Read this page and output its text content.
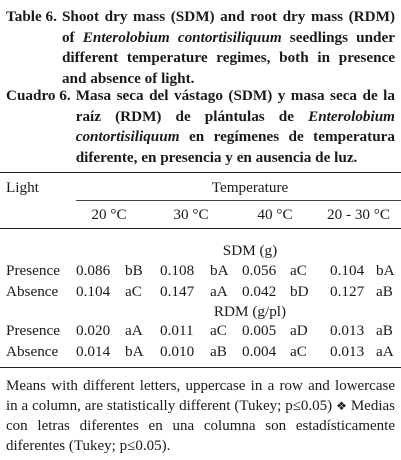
Table 6. Shoot dry mass (SDM) and root dry mass (RDM) of Enterolobium contortisiliquum seedlings under different temperature regimes, both in presence and absence of light.
Cuadro 6. Masa seca del vástago (SDM) y masa seca de la raíz (RDM) de plántulas de Enterolobium contortisiliquum en regímenes de temperatura diferente, en presencia y en ausencia de luz.
Light	Temperature
20 °C	30 °C	40 °C	20 - 30 °C
SDM (g)
Presence 0.086 bB 0.108 bA 0.056 aC 0.104 bA
Absence 0.104 aC 0.147 aA 0.042 bD 0.127 aB
RDM (g/pl)
Presence 0.020 aA 0.011 aC 0.005 aD 0.013 aB
Absence 0.014 bA 0.010 aB 0.004 aC 0.013 aA
Means with different letters, uppercase in a row and lowercase in a column, are statistically different (Tukey; p≤0.05) ❖ Medias con letras diferentes en una columna son estadísticamente diferentes (Tukey; p≤0.05).
